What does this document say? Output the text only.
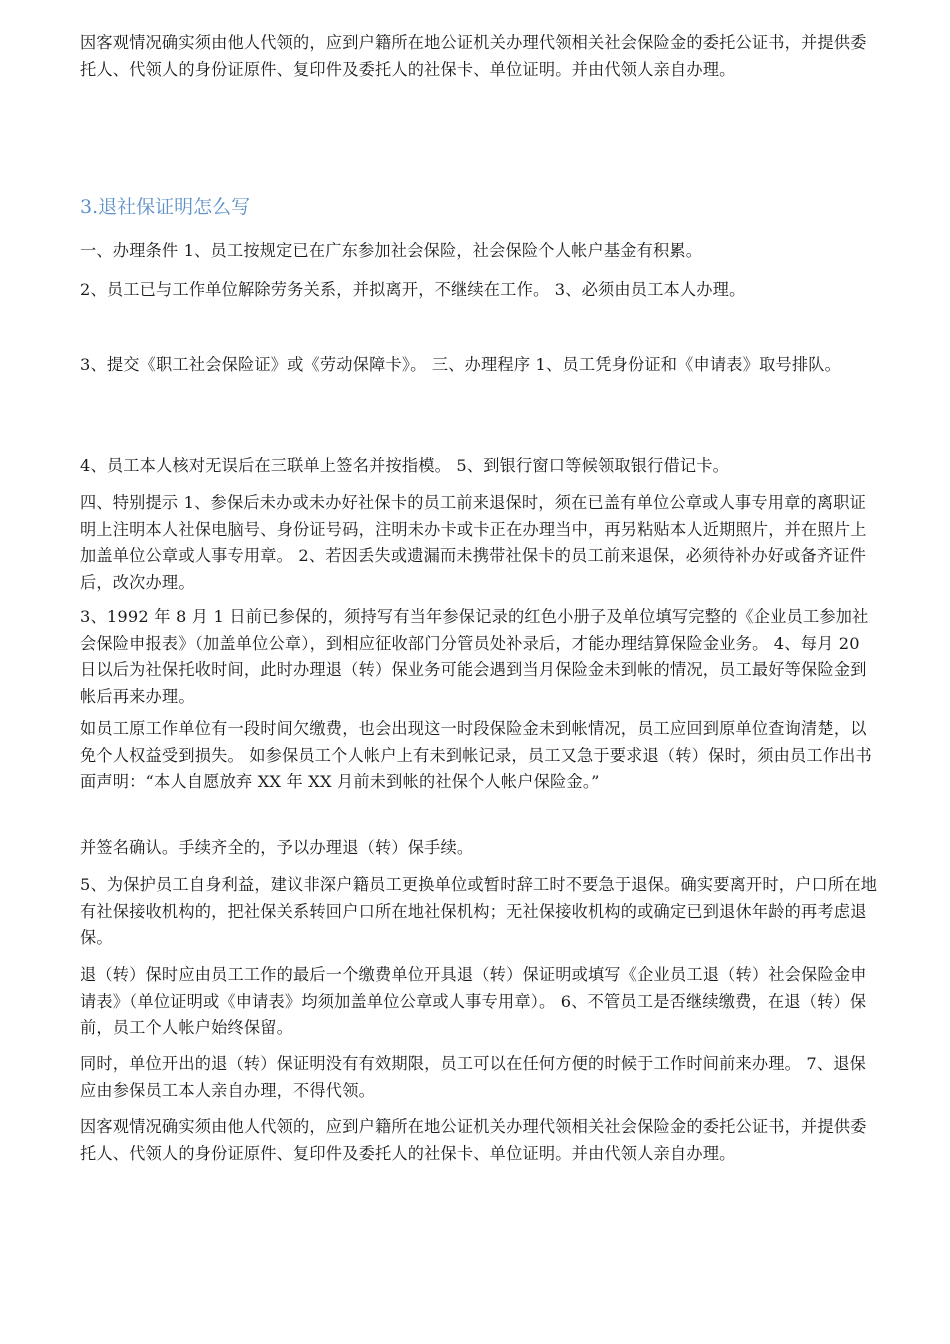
因客观情况确实须由他人代领的，应到户籍所在地公证机关办理代领相关社会保险金的委托公证书，并提供委托人、代领人的身份证原件、复印件及委托人的社保卡、单位证明。并由代领人亲自办理。

3.退社保证明怎么写

一、办理条件 1、员工按规定已在广东参加社会保险，社会保险个人帐户基金有积累。

2、员工已与工作单位解除劳务关系，并拟离开，不继续在工作。 3、必须由员工本人办理。

3、提交《职工社会保险证》或《劳动保障卡》。 三、办理程序 1、员工凭身份证和《申请表》取号排队。

4、员工本人核对无误后在三联单上签名并按指模。 5、到银行窗口等候领取银行借记卡。

四、特别提示 1、参保后未办或未办好社保卡的员工前来退保时，须在已盖有单位公章或人事专用章的离职证明上注明本人社保电脑号、身份证号码，注明未办卡或卡正在办理当中，再另粘贴本人近期照片，并在照片上加盖单位公章或人事专用章。 2、若因丢失或遗漏而未携带社保卡的员工前来退保，必须待补办好或备齐证件后，改次办理。

3、1992 年 8 月 1 日前已参保的，须持写有当年参保记录的红色小册子及单位填写完整的《企业员工参加社会保险申报表》（加盖单位公章），到相应征收部门分管员处补录后，才能办理结算保险金业务。 4、每月 20 日以后为社保托收时间，此时办理退（转）保业务可能会遇到当月保险金未到帐的情况，员工最好等保险金到帐后再来办理。

如员工原工作单位有一段时间欠缴费，也会出现这一时段保险金未到帐情况，员工应回到原单位查询清楚，以免个人权益受到损失。 如参保员工个人帐户上有未到帐记录，员工又急于要求退（转）保时，须由员工作出书面声明：“本人自愿放弃 XX 年 XX 月前未到帐的社保个人帐户保险金。”

并签名确认。手续齐全的，予以办理退（转）保手续。

5、为保护员工自身利益，建议非深户籍员工更换单位或暂时辞工时不要急于退保。确实要离开时，户口所在地有社保接收机构的，把社保关系转回户口所在地社保机构；无社保接收机构的或确定已到退休年龄的再考虑退保。

退（转）保时应由员工工作的最后一个缴费单位开具退（转）保证明或填写《企业员工退（转）社会保险金申请表》（单位证明或《申请表》均须加盖单位公章或人事专用章）。 6、不管员工是否继续缴费，在退（转）保前，员工个人帐户始终保留。

同时，单位开出的退（转）保证明没有有效期限，员工可以在任何方便的时候于工作时间前来办理。 7、退保应由参保员工本人亲自办理，不得代领。

因客观情况确实须由他人代领的，应到户籍所在地公证机关办理代领相关社会保险金的委托公证书，并提供委托人、代领人的身份证原件、复印件及委托人的社保卡、单位证明。并由代领人亲自办理。
